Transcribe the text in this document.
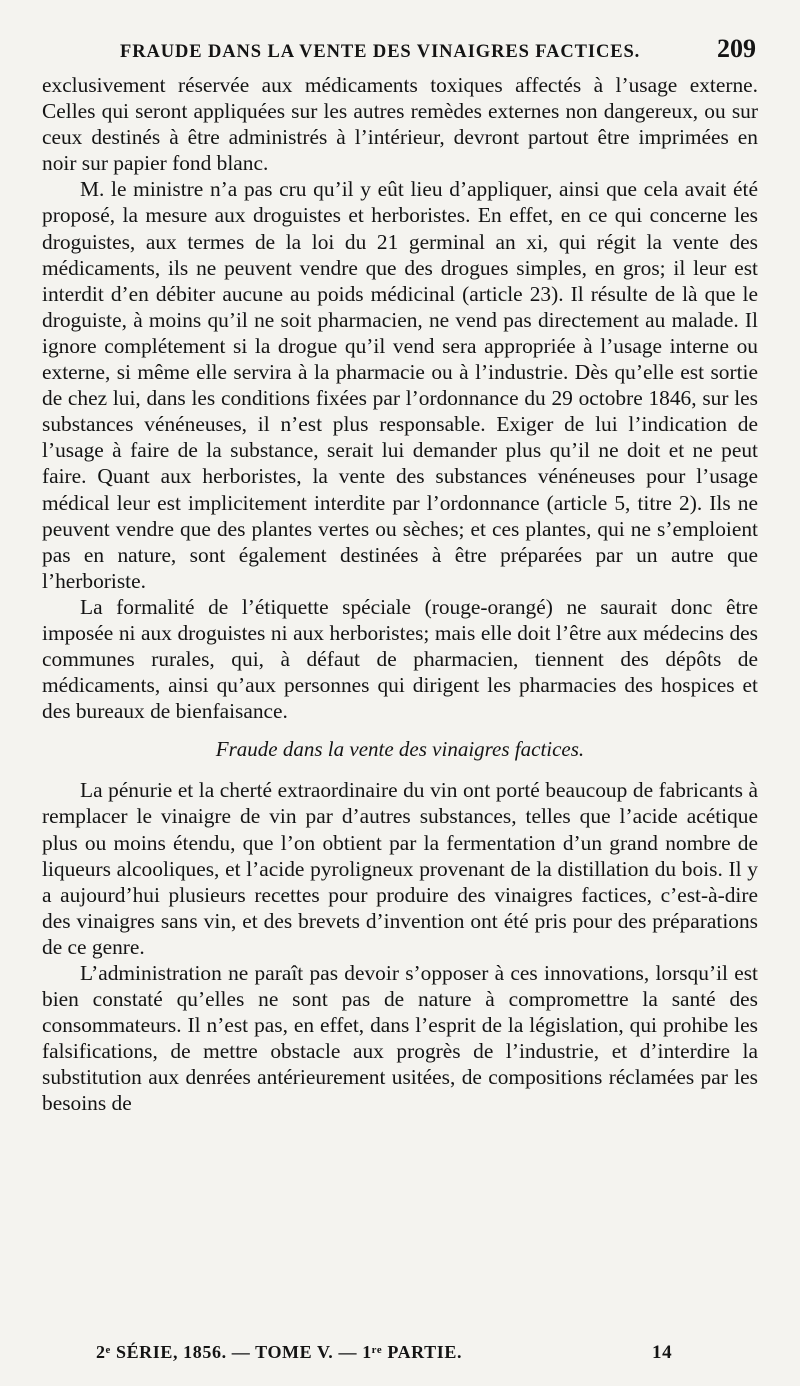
FRAUDE DANS LA VENTE DES VINAIGRES FACTICES.	209

exclusivement réservée aux médicaments toxiques affectés à l’usage externe. Celles qui seront appliquées sur les autres remèdes externes non dangereux, ou sur ceux destinés à être administrés à l’intérieur, devront partout être imprimées en noir sur papier fond blanc.

M. le ministre n’a pas cru qu’il y eût lieu d’appliquer, ainsi que cela avait été proposé, la mesure aux droguistes et herboristes. En effet, en ce qui concerne les droguistes, aux termes de la loi du 21 germinal an xi, qui régit la vente des médicaments, ils ne peuvent vendre que des drogues simples, en gros; il leur est interdit d’en débiter aucune au poids médicinal (article 23). Il résulte de là que le droguiste, à moins qu’il ne soit pharmacien, ne vend pas directement au malade. Il ignore complétement si la drogue qu’il vend sera appropriée à l’usage interne ou externe, si même elle servira à la pharmacie ou à l’industrie. Dès qu’elle est sortie de chez lui, dans les conditions fixées par l’ordonnance du 29 octobre 1846, sur les substances vénéneuses, il n’est plus responsable. Exiger de lui l’indication de l’usage à faire de la substance, serait lui demander plus qu’il ne doit et ne peut faire. Quant aux herboristes, la vente des substances vénéneuses pour l’usage médical leur est implicitement interdite par l’ordonnance (article 5, titre 2). Ils ne peuvent vendre que des plantes vertes ou sèches; et ces plantes, qui ne s’emploient pas en nature, sont également destinées à être préparées par un autre que l’herboriste.

La formalité de l’étiquette spéciale (rouge-orangé) ne saurait donc être imposée ni aux droguistes ni aux herboristes; mais elle doit l’être aux médecins des communes rurales, qui, à défaut de pharmacien, tiennent des dépôts de médicaments, ainsi qu’aux personnes qui dirigent les pharmacies des hospices et des bureaux de bienfaisance.

Fraude dans la vente des vinaigres factices.

La pénurie et la cherté extraordinaire du vin ont porté beaucoup de fabricants à remplacer le vinaigre de vin par d’autres substances, telles que l’acide acétique plus ou moins étendu, que l’on obtient par la fermentation d’un grand nombre de liqueurs alcooliques, et l’acide pyroligneux provenant de la distillation du bois. Il y a aujourd’hui plusieurs recettes pour produire des vinaigres factices, c’est-à-dire des vinaigres sans vin, et des brevets d’invention ont été pris pour des préparations de ce genre.

L’administration ne paraît pas devoir s’opposer à ces innovations, lorsqu’il est bien constaté qu’elles ne sont pas de nature à compromettre la santé des consommateurs. Il n’est pas, en effet, dans l’esprit de la législation, qui prohibe les falsifications, de mettre obstacle aux progrès de l’industrie, et d’interdire la substitution aux denrées antérieurement usitées, de compositions réclamées par les besoins de

2ᵉ SÉRIE, 1856. — TOME V. — 1ʳᵉ PARTIE.	14
